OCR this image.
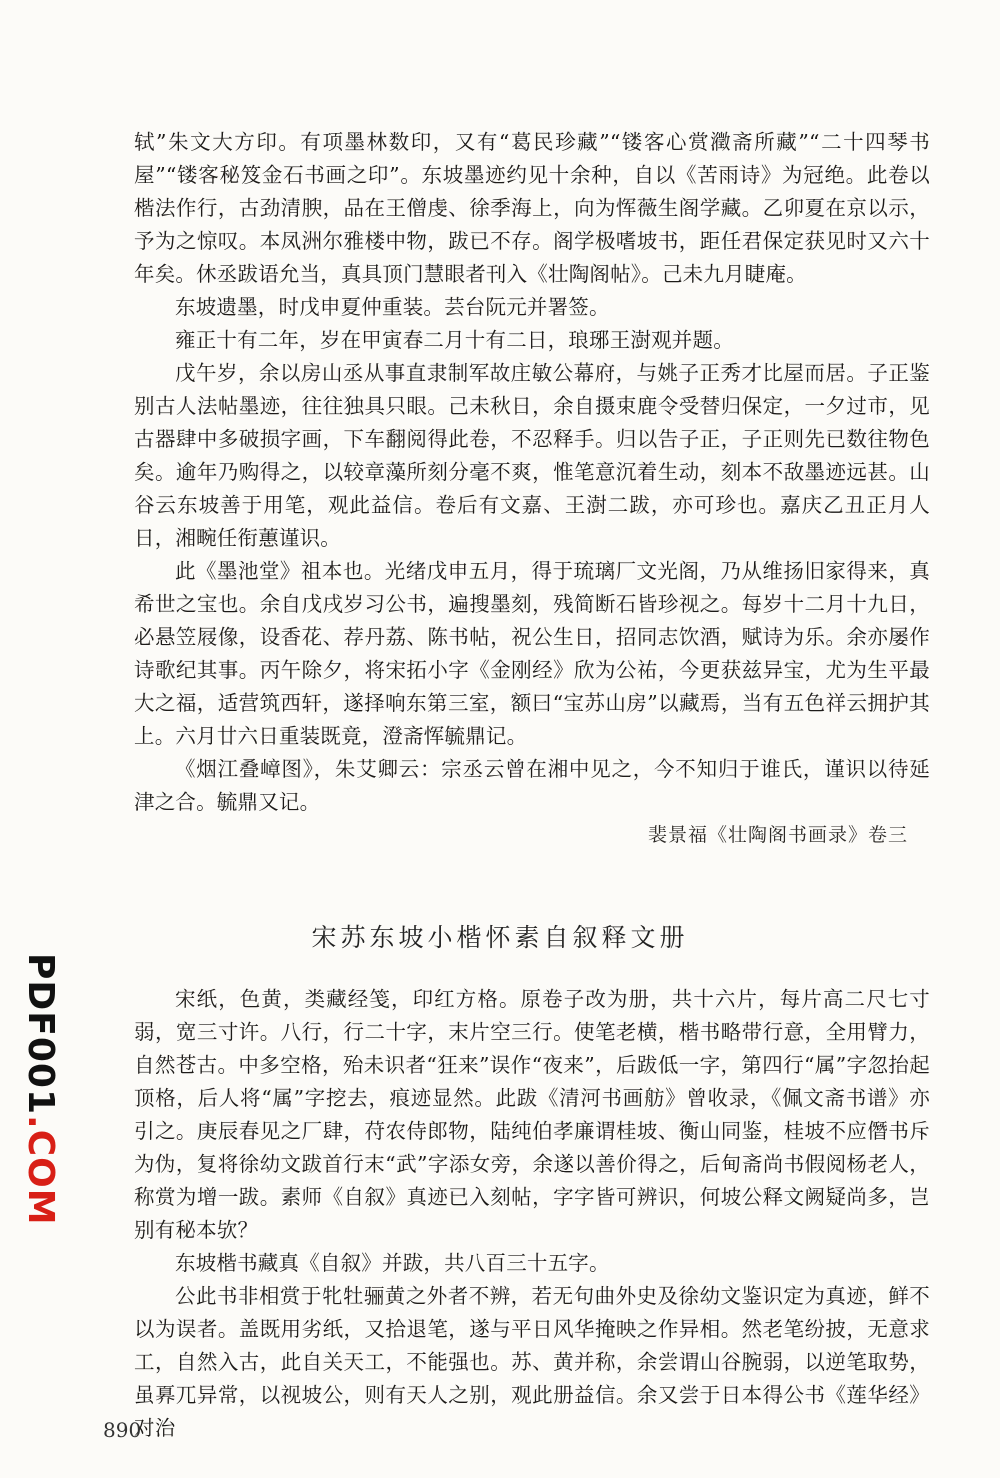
轼”朱文大方印。有项墨林数印，又有“葛民珍藏”“镂客心赏瀓斋所藏”“二十四琴书屋”“镂客秘笈金石书画之印”。东坡墨迹约见十余种，自以《苦雨诗》为冠绝。此卷以楷法作行，古劲清腴，品在王僧虔、徐季海上，向为恽薇生阁学藏。乙卯夏在京以示，予为之惊叹。本凤洲尔雅楼中物，跋已不存。阁学极嗜坡书，距任君保定获见时又六十年矣。休丞跋语允当，真具顶门慧眼者刊入《壮陶阁帖》。己未九月睫庵。

东坡遗墨，时戊申夏仲重装。芸台阮元并署签。

雍正十有二年，岁在甲寅春二月十有二日，琅琊王澍观并题。

戊午岁，余以房山丞从事直隶制军故庄敏公幕府，与姚子正秀才比屋而居。子正鉴别古人法帖墨迹，往往独具只眼。己未秋日，余自摄束鹿令受替归保定，一夕过市，见古器肆中多破损字画，下车翻阅得此卷，不忍释手。归以告子正，子正则先已数往物色矣。逾年乃购得之，以较章藻所刻分毫不爽，惟笔意沉着生动，刻本不敌墨迹远甚。山谷云东坡善于用笔，观此益信。卷后有文嘉、王澍二跋，亦可珍也。嘉庆乙丑正月人日，湘畹任衔蕙谨识。

此《墨池堂》祖本也。光绪戊申五月，得于琉璃厂文光阁，乃从维扬旧家得来，真希世之宝也。余自戊戌岁习公书，遍搜墨刻，残简断石皆珍视之。每岁十二月十九日，必悬笠屐像，设香花、荐丹荔、陈书帖，祝公生日，招同志饮酒，赋诗为乐。余亦屡作诗歌纪其事。丙午除夕，将宋拓小字《金刚经》欣为公祐，今更获兹异宝，尤为生平最大之福，适营筑西轩，遂择响东第三室，额曰“宝苏山房”以藏焉，当有五色祥云拥护其上。六月廿六日重装既竟，澄斋恽毓鼎记。

《烟江叠嶂图》，朱艾卿云：宗丞云曾在湘中见之，今不知归于谁氏，谨识以待延津之合。毓鼎又记。

裴景福《壮陶阁书画录》卷三
宋苏东坡小楷怀素自叙释文册

宋纸，色黄，类藏经笺，印红方格。原卷子改为册，共十六片，每片高二尺七寸弱，宽三寸许。八行，行二十字，末片空三行。使笔老横，楷书略带行意，全用臂力，自然苍古。中多空格，殆未识者“狂来”误作“夜来”，后跋低一字，第四行“属”字忽抬起顶格，后人将“属”字挖去，痕迹显然。此跋《清河书画舫》曾收录，《佩文斋书谱》亦引之。庚辰春见之厂肆，苻农侍郎物，陆纯伯孝廉谓桂坡、衡山同鉴，桂坡不应僭书斥为伪，复将徐幼文跋首行末“武”字添女旁，余遂以善价得之，后甸斋尚书假阅杨老人，称赏为增一跋。素师《自叙》真迹已入刻帖，字字皆可辨识，何坡公释文阙疑尚多，岂别有秘本欤？

东坡楷书藏真《自叙》并跋，共八百三十五字。

公此书非相赏于牝牡骊黄之外者不辨，若无句曲外史及徐幼文鉴识定为真迹，鲜不以为误者。盖既用劣纸，又拾退笔，遂与平日风华掩映之作异相。然老笔纷披，无意求工，自然入古，此自关天工，不能强也。苏、黄并称，余尝谓山谷腕弱，以逆笔取势，虽奡兀异常，以视坡公，则有天人之别，观此册益信。余又尝于日本得公书《莲华经》对治

PDF001.COM
890
